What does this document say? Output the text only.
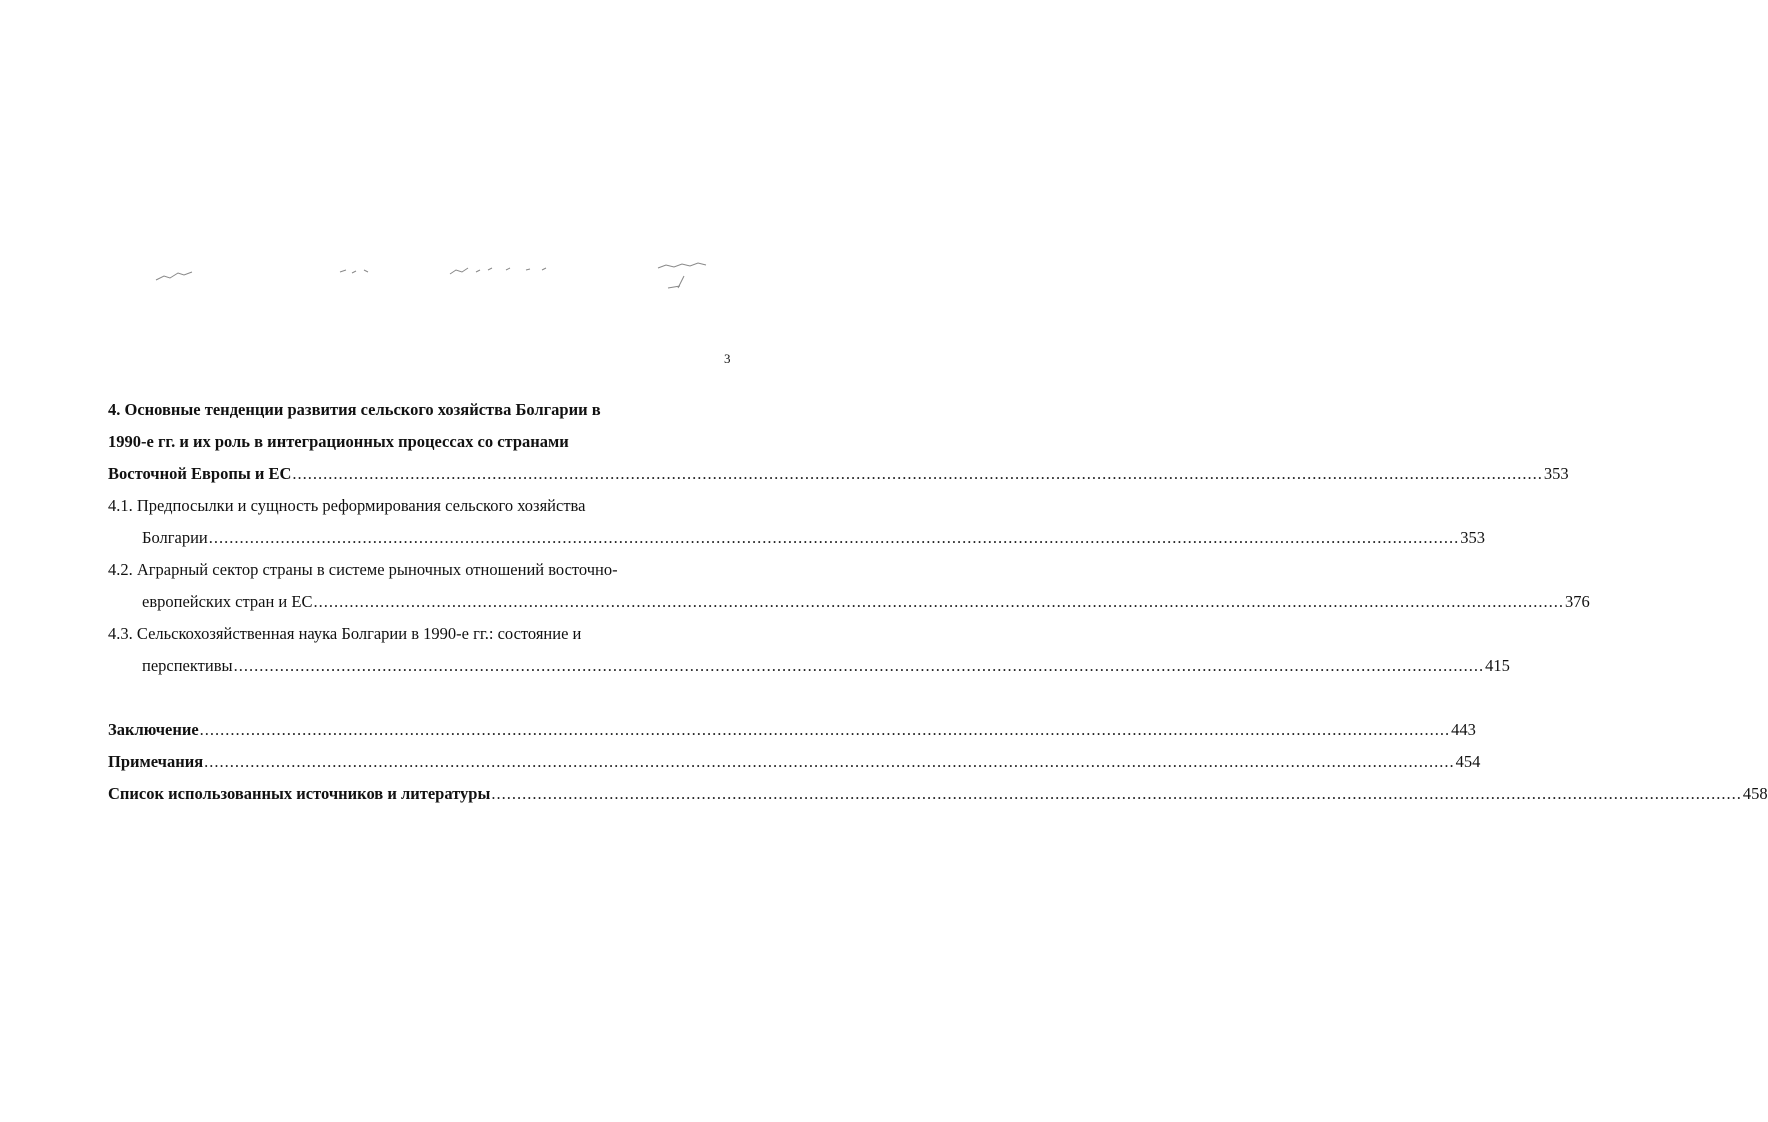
3
4. Основные тенденции развития сельского хозяйства Болгарии в
1990-е гг. и их роль в интеграционных процессах со странами
Восточной Европы и ЕС .....	353
4.1. Предпосылки и сущность реформирования сельского хозяйства
Болгарии .....	353
4.2. Аграрный сектор страны в системе рыночных отношений восточно-
европейских стран и ЕС .....	376
4.3. Сельскохозяйственная наука Болгарии в 1990-е гг.: состояние и
перспективы .....	415
Заключение .....	443
Примечания .....	454
Список использованных источников и литературы .....	458
